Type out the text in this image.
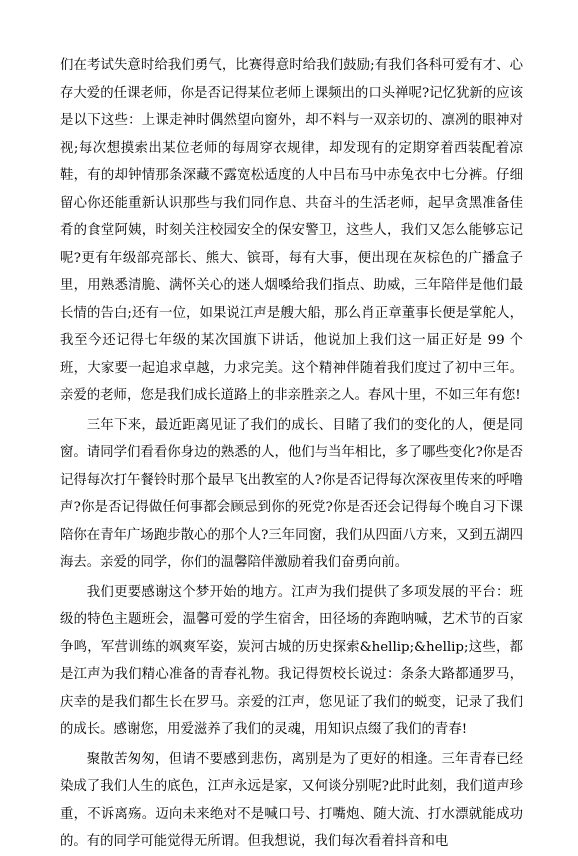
们在考试失意时给我们勇气，比赛得意时给我们鼓励;有我们各科可爱有才、心存大爱的任课老师，你是否记得某位老师上课频出的口头禅呢?记忆犹新的应该是以下这些：上课走神时偶然望向窗外，却不料与一双亲切的、凛冽的眼神对视;每次想摸索出某位老师的每周穿衣规律，却发现有的定期穿着西装配着凉鞋，有的却钟情那条深藏不露宽松适度的人中吕布马中赤兔衣中七分裤。仔细留心你还能重新认识那些与我们同作息、共奋斗的生活老师，起早贪黑准备佳肴的食堂阿姨，时刻关注校园安全的保安警卫，这些人，我们又怎么能够忘记呢?更有年级部亮部长、熊大、镔哥，每有大事，便出现在灰棕色的广播盒子里，用熟悉清脆、满怀关心的迷人烟嗓给我们指点、助威，三年陪伴是他们最长情的告白;还有一位，如果说江声是艘大船，那么肖正章董事长便是掌舵人，我至今还记得七年级的某次国旗下讲话，他说加上我们这一届正好是 99 个班，大家要一起追求卓越，力求完美。这个精神伴随着我们度过了初中三年。亲爱的老师，您是我们成长道路上的非亲胜亲之人。春风十里，不如三年有您!

三年下来，最近距离见证了我们的成长、目睹了我们的变化的人，便是同窗。请同学们看看你身边的熟悉的人，他们与当年相比，多了哪些变化?你是否记得每次打午餐铃时那个最早飞出教室的人?你是否记得每次深夜里传来的呼噜声?你是否记得做任何事都会顾忌到你的死党?你是否还会记得每个晚自习下课陪你在青年广场跑步散心的那个人?三年同窗，我们从四面八方来，又到五湖四海去。亲爱的同学，你们的温馨陪伴激励着我们奋勇向前。

我们更要感谢这个梦开始的地方。江声为我们提供了多项发展的平台：班级的特色主题班会，温馨可爱的学生宿舍，田径场的奔跑呐喊，艺术节的百家争鸣，军营训练的飒爽军姿，炭河古城的历史探索&hellip;&hellip;这些，都是江声为我们精心准备的青春礼物。我记得贺校长说过：条条大路都通罗马，庆幸的是我们都生长在罗马。亲爱的江声，您见证了我们的蜕变，记录了我们的成长。感谢您，用爱滋养了我们的灵魂，用知识点缀了我们的青春!

聚散苦匆匆，但请不要感到悲伤，离别是为了更好的相逢。三年青春已经染成了我们人生的底色，江声永远是家，又何谈分别呢?此时此刻，我们道声珍重，不诉离殇。迈向未来绝对不是喊口号、打嘴炮、随大流、打水漂就能成功的。有的同学可能觉得无所谓。但我想说，我们每次看着抖音和电
